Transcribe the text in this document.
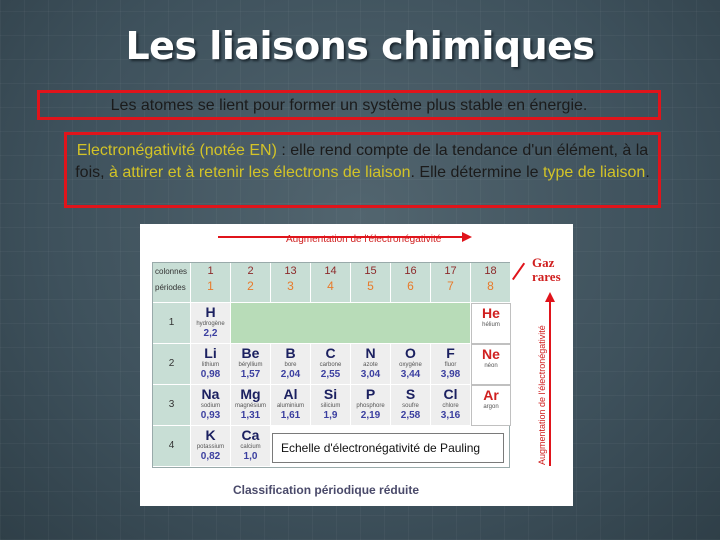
Les liaisons chimiques
Les atomes se lient pour former un système plus stable en énergie.
Electronégativité (notée EN) : elle rend compte de la tendance d'un élément, à la fois, à attirer et à retenir les électrons de liaison. Elle détermine le type de liaison.
Augmentation de l'électronégativité
Gaz
rares
Augmentation de l'électronégativité
colonnes
périodes
1
1
2
2
13
3
14
4
15
5
16
6
17
7
18
8
1
2
3
4
H
hydrogène
2,2
He
hélium
Li
lithium
0,98
Be
béryllium
1,57
B
bore
2,04
C
carbone
2,55
N
azote
3,04
O
oxygène
3,44
F
fluor
3,98
Ne
néon
Na
sodium
0,93
Mg
magnésium
1,31
Al
aluminium
1,61
Si
silicium
1,9
P
phosphore
2,19
S
soufre
2,58
Cl
chlore
3,16
Ar
argon
K
potassium
0,82
Ca
calcium
1,0
Echelle d'électronégativité de Pauling
Classification périodique réduite
